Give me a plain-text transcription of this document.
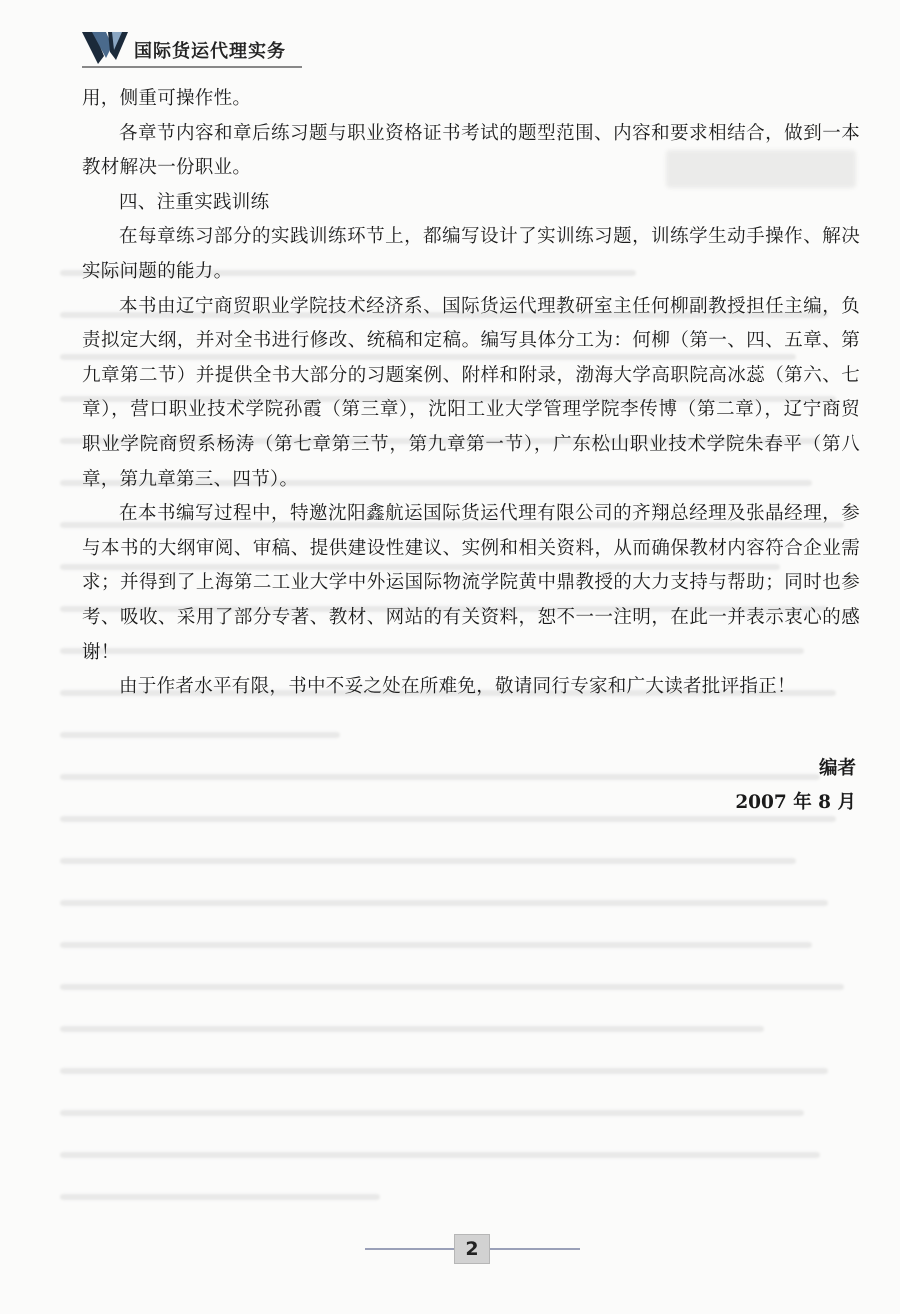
国际货运代理实务

用，侧重可操作性。

各章节内容和章后练习题与职业资格证书考试的题型范围、内容和要求相结合，做到一本教材解决一份职业。

四、注重实践训练

在每章练习部分的实践训练环节上，都编写设计了实训练习题，训练学生动手操作、解决实际问题的能力。

本书由辽宁商贸职业学院技术经济系、国际货运代理教研室主任何柳副教授担任主编，负责拟定大纲，并对全书进行修改、统稿和定稿。编写具体分工为：何柳（第一、四、五章、第九章第二节）并提供全书大部分的习题案例、附样和附录，渤海大学高职院高冰蕊（第六、七章），营口职业技术学院孙霞（第三章），沈阳工业大学管理学院李传博（第二章），辽宁商贸职业学院商贸系杨涛（第七章第三节，第九章第一节），广东松山职业技术学院朱春平（第八章，第九章第三、四节）。

在本书编写过程中，特邀沈阳鑫航运国际货运代理有限公司的齐翔总经理及张晶经理，参与本书的大纲审阅、审稿、提供建设性建议、实例和相关资料，从而确保教材内容符合企业需求；并得到了上海第二工业大学中外运国际物流学院黄中鼎教授的大力支持与帮助；同时也参考、吸收、采用了部分专著、教材、网站的有关资料，恕不一一注明，在此一并表示衷心的感谢！

由于作者水平有限，书中不妥之处在所难免，敬请同行专家和广大读者批评指正！

编者
2007 年 8 月
2
